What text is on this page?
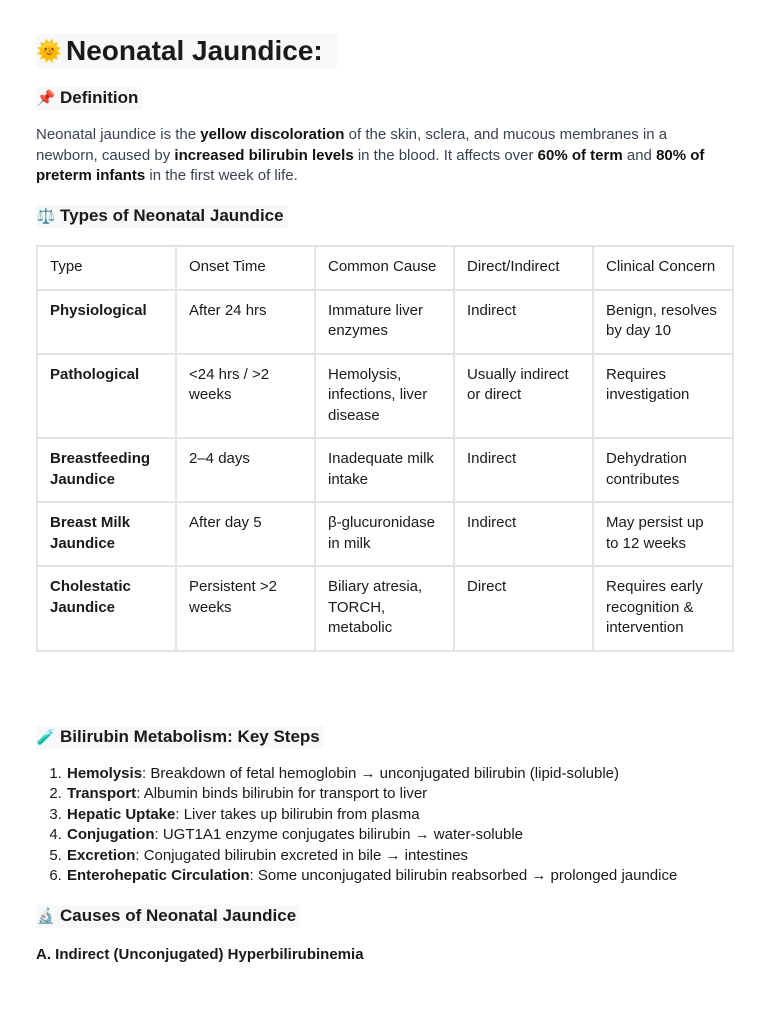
🌞 Neonatal Jaundice:
📌 Definition

Neonatal jaundice is the yellow discoloration of the skin, sclera, and mucous membranes in a newborn, caused by increased bilirubin levels in the blood. It affects over 60% of term and 80% of preterm infants in the first week of life.

⚖️ Types of Neonatal Jaundice
Type	Onset Time	Common Cause	Direct/Indirect	Clinical Concern
Physiological	After 24 hrs	Immature liver enzymes	Indirect	Benign, resolves by day 10
Pathological	<24 hrs / >2 weeks	Hemolysis, infections, liver disease	Usually indirect or direct	Requires investigation
Breastfeeding Jaundice	2–4 days	Inadequate milk intake	Indirect	Dehydration contributes
Breast Milk Jaundice	After day 5	β-glucuronidase in milk	Indirect	May persist up to 12 weeks
Cholestatic Jaundice	Persistent >2 weeks	Biliary atresia, TORCH, metabolic	Direct	Requires early recognition & intervention
🧪 Bilirubin Metabolism: Key Steps
1. Hemolysis: Breakdown of fetal hemoglobin → unconjugated bilirubin (lipid-soluble)
2. Transport: Albumin binds bilirubin for transport to liver
3. Hepatic Uptake: Liver takes up bilirubin from plasma
4. Conjugation: UGT1A1 enzyme conjugates bilirubin → water-soluble
5. Excretion: Conjugated bilirubin excreted in bile → intestines
6. Enterohepatic Circulation: Some unconjugated bilirubin reabsorbed → prolonged jaundice
🔬 Causes of Neonatal Jaundice
A. Indirect (Unconjugated) Hyperbilirubinemia
